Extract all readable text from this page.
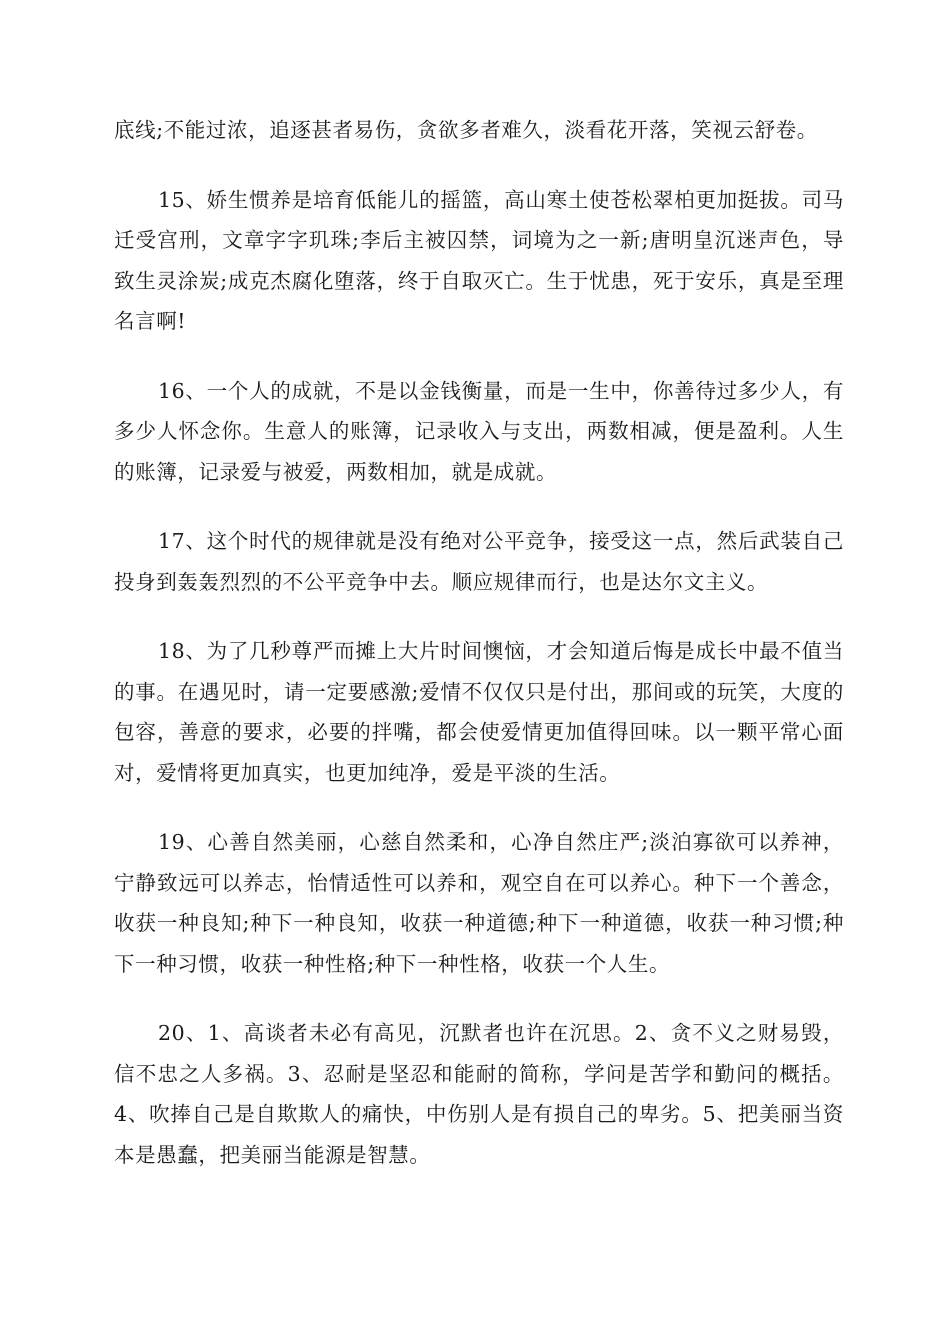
底线;不能过浓，追逐甚者易伤，贪欲多者难久，淡看花开落，笑视云舒卷。

15、娇生惯养是培育低能儿的摇篮，高山寒土使苍松翠柏更加挺拔。司马迁受宫刑，文章字字玑珠;李后主被囚禁，词境为之一新;唐明皇沉迷声色，导致生灵涂炭;成克杰腐化堕落，终于自取灭亡。生于忧患，死于安乐，真是至理名言啊!

16、一个人的成就，不是以金钱衡量，而是一生中，你善待过多少人，有多少人怀念你。生意人的账簿，记录收入与支出，两数相减，便是盈利。人生的账簿，记录爱与被爱，两数相加，就是成就。

17、这个时代的规律就是没有绝对公平竞争，接受这一点，然后武装自己投身到轰轰烈烈的不公平竞争中去。顺应规律而行，也是达尔文主义。

18、为了几秒尊严而摊上大片时间懊恼，才会知道后悔是成长中最不值当的事。在遇见时，请一定要感激;爱情不仅仅只是付出，那间或的玩笑，大度的包容，善意的要求，必要的拌嘴，都会使爱情更加值得回味。以一颗平常心面对，爱情将更加真实，也更加纯净，爱是平淡的生活。

19、心善自然美丽，心慈自然柔和，心净自然庄严;淡泊寡欲可以养神，宁静致远可以养志，怡情适性可以养和，观空自在可以养心。种下一个善念，收获一种良知;种下一种良知，收获一种道德;种下一种道德，收获一种习惯;种下一种习惯，收获一种性格;种下一种性格，收获一个人生。

20、1、高谈者未必有高见，沉默者也许在沉思。2、贪不义之财易毁，信不忠之人多祸。3、忍耐是坚忍和能耐的简称，学问是苦学和勤问的概括。4、吹捧自己是自欺欺人的痛快，中伤别人是有损自己的卑劣。5、把美丽当资本是愚蠢，把美丽当能源是智慧。
